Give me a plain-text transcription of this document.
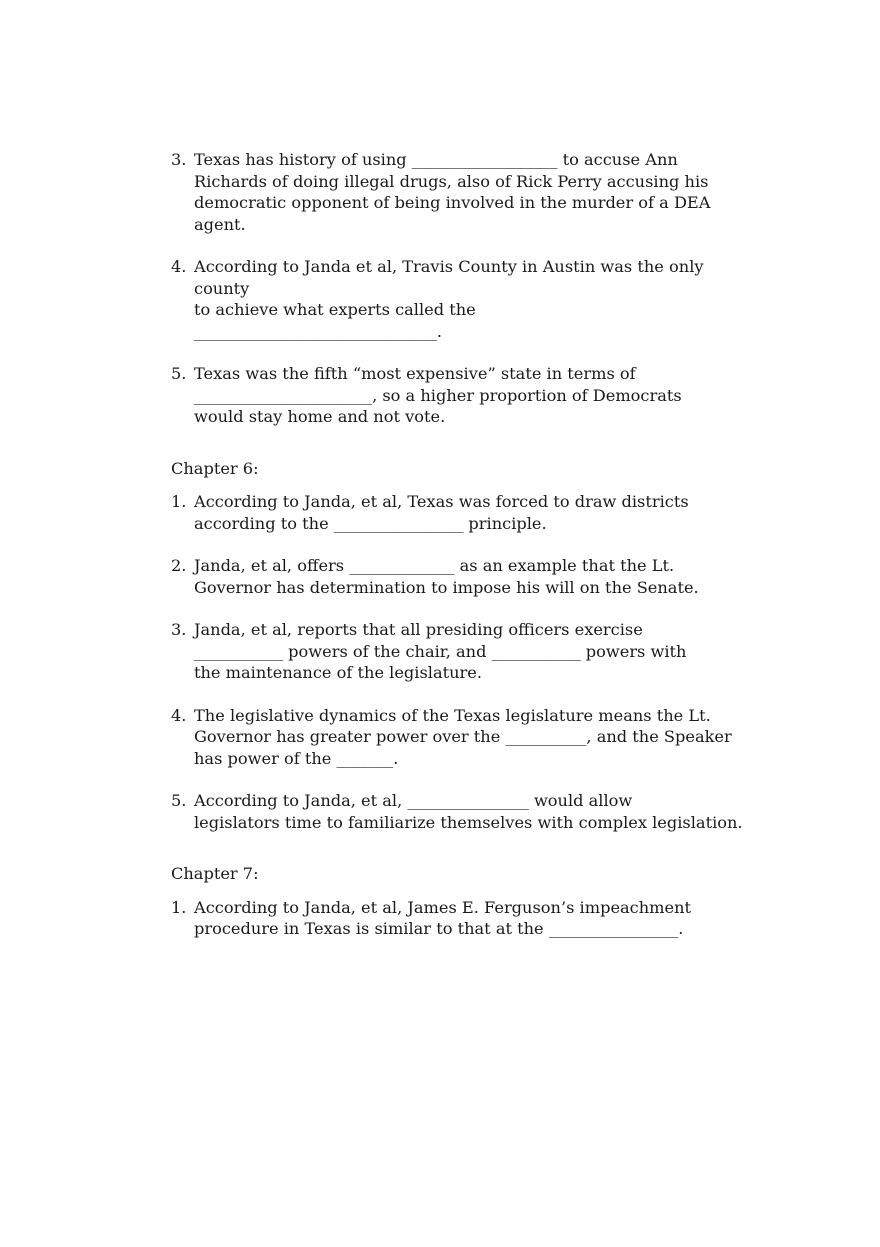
3. Texas has history of using __________________ to accuse Ann
Richards of doing illegal drugs, also of Rick Perry accusing his
democratic opponent of being involved in the murder of a DEA agent.
4. According to Janda et al, Travis County in Austin was the only county
to achieve what experts called the
______________________________.
5. Texas was the fifth “most expensive” state in terms of
______________________, so a higher proportion of Democrats
would stay home and not vote.
Chapter 6:
1. According to Janda, et al, Texas was forced to draw districts
according to the ________________ principle.
2. Janda, et al, offers _____________ as an example that the Lt.
Governor has determination to impose his will on the Senate.
3. Janda, et al, reports that all presiding officers exercise
___________ powers of the chair, and ___________ powers with
the maintenance of the legislature.
4. The legislative dynamics of the Texas legislature means the Lt.
Governor has greater power over the __________, and the Speaker
has power of the _______.
5. According to Janda, et al, _______________ would allow
legislators time to familiarize themselves with complex legislation.
Chapter 7:
1. According to Janda, et al, James E. Ferguson’s impeachment
procedure in Texas is similar to that at the ________________.
